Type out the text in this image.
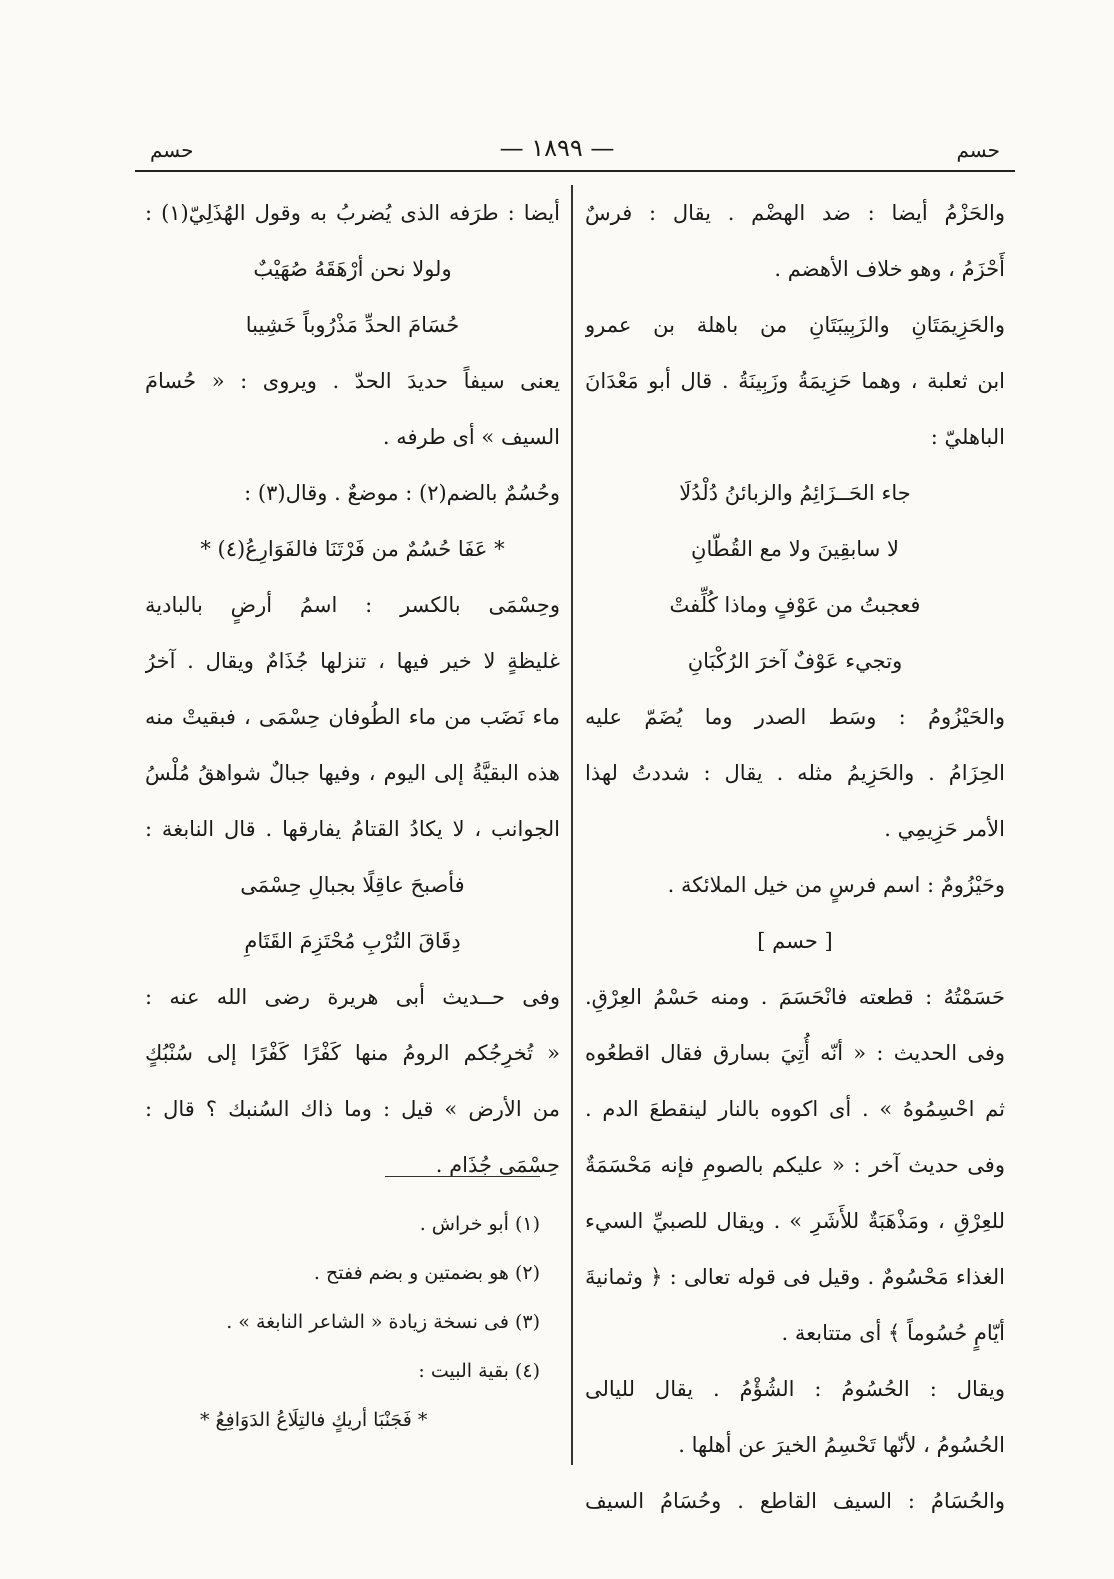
حسم
— ١٨٩٩ —
حسم
والحَزْمُ أيضا : ضد الهضْم . يقال : فرسٌ
أَحْزَمُ ، وهو خلاف الأهضم .
والحَزِيمَتَانِ والزَبِيبَتَانِ من باهلة بن عمرو
ابن ثعلبة ، وهما حَزِيمَةُ وزَبِينَةُ . قال أبو مَعْدَانَ
الباهليّ :
جاء الحَــزَائِمُ والزبائنُ دُلْدُلَا
لا سابقِينَ ولا مع القُطّانِ
فعجبتُ من عَوْفٍ وماذا كُلِّفتْ
وتجيء عَوْفٌ آخرَ الرُكْبَانِ
والحَيْزُومُ : وسَط الصدر وما يُضَمّ عليه
الحِزَامُ . والحَزِيمُ مثله . يقال : شددتُ لهذا
الأمر حَزِيمِي .
وحَيْزُومٌ : اسم فرسٍ من خيل الملائكة .
[ حسم ]
حَسَمْتُهُ : قطعته فانْحَسَمَ . ومنه حَسْمُ العِرْقِ.
وفى الحديث : « أنّه أُتِيَ بسارق فقال اقطعُوه
ثم احْسِمُوهُ » . أى اكووه بالنار لينقطعَ الدم .
وفى حديث آخر : « عليكم بالصومِ فإنه مَحْسَمَةٌ
للعِرْقِ ، ومَذْهَبَةٌ للأَشَرِ » . ويقال للصبيِّ السيء
الغذاء مَحْسُومٌ . وقيل فى قوله تعالى : ﴿ وثمانيةَ
أيّامٍ حُسُوماً ﴾ أى متتابعة .
ويقال : الحُسُومُ : الشُؤْمُ . يقال لليالى
الحُسُومُ ، لأنّها تَحْسِمُ الخيرَ عن أهلها .
والحُسَامُ : السيف القاطع . وحُسَامُ السيف
أيضا : طرَفه الذى يُضربُ به وقول الهُذَلِيّ(١) :
ولولا نحن أرْهَقَهُ صُهَيْبٌ
حُسَامَ الحدِّ مَذْرُوباً خَشِيبا
يعنى سيفاً حديدَ الحدّ . ويروى : « حُسامَ
السيف » أى طرفه .
وحُسُمٌ بالضم(٢) : موضعٌ . وقال(٣) :
* عَفَا حُسُمٌ من فَرْتَنَا فالفَوَارِعُ(٤) *
وحِسْمَى بالكسر : اسمُ أرضٍ بالبادية
غليظةٍ لا خير فيها ، تنزلها جُذَامٌ ويقال . آخرُ
ماء نَضَب من ماء الطُوفان حِسْمَى ، فبقيتْ منه
هذه البقيَّةُ إلى اليوم ، وفيها جبالٌ شواهقُ مُلْسُ
الجوانب ، لا يكادُ القتامُ يفارقها . قال النابغة :
فأصبحَ عاقِلًا بجبالِ حِسْمَى
دِقَاقَ التُرْبِ مُحْتَزِمَ القَتَامِ
وفى حــديث أبى هريرة رضى الله عنه :
« تُخرِجُكم الرومُ منها كَفْرًا كَفْرًا إلى سُنْبُكٍ
من الأرض » قيل : وما ذاك السُنبك ؟ قال :
حِسْمَى جُذَام .
(١) أبو خراش .
(٢) هو بضمتين و بضم ففتح .
(٣) فى نسخة زيادة « الشاعر النابغة » .
(٤) بقية البيت :
* فَجَنْبَا أريكٍ فالتِلَاعُ الدَوَافِعُ *
